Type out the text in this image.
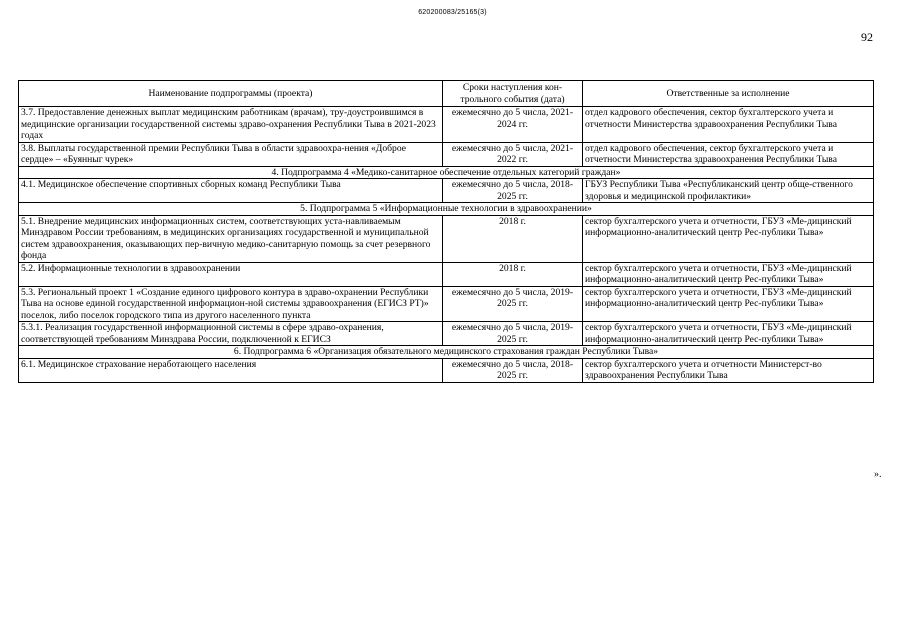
620200083/25165(3)
92
Наименование подпрограммы (проекта)	Сроки наступления кон-трольного события (дата)	Ответственные за исполнение
3.7. Предоставление денежных выплат медицинским работникам (врачам), тру-доустроившимся в медицинские организации государственной системы здраво-охранения Республики Тыва в 2021-2023 годах	ежемесячно до 5 числа, 2021-2024 гг.	отдел кадрового обеспечения, сектор бухгалтерского учета и отчетности Министерства здравоохранения Республики Тыва
3.8. Выплаты государственной премии Республики Тыва в области здравоохра-нения «Доброе сердце» – «Буянныг чурек»	ежемесячно до 5 числа, 2021-2022 гг.	отдел кадрового обеспечения, сектор бухгалтерского учета и отчетности Министерства здравоохранения Республики Тыва
4. Подпрограмма 4 «Медико-санитарное обеспечение отдельных категорий граждан»		
4.1. Медицинское обеспечение спортивных сборных команд Республики Тыва	ежемесячно до 5 числа, 2018-2025 гг.	ГБУЗ Республики Тыва «Республиканский центр обще-ственного здоровья и медицинской профилактики»
5. Подпрограмма 5 «Информационные технологии в здравоохранении»		
5.1. Внедрение медицинских информационных систем, соответствующих уста-навливаемым Минздравом России требованиям, в медицинских организациях государственной и муниципальной систем здравоохранения, оказывающих пер-вичную медико-санитарную помощь за счет резервного фонда	2018 г.	сектор бухгалтерского учета и отчетности, ГБУЗ «Ме-дицинский информационно-аналитический центр Рес-публики Тыва»
5.2. Информационные технологии в здравоохранении	2018 г.	сектор бухгалтерского учета и отчетности, ГБУЗ «Ме-дицинский информационно-аналитический центр Рес-публики Тыва»
5.3. Региональный проект 1 «Создание единого цифрового контура в здраво-охранении Республики Тыва на основе единой государственной информацион-ной системы здравоохранения (ЕГИСЗ РТ)» поселок, либо поселок городского типа из другого населенного пункта	ежемесячно до 5 числа, 2019-2025 гг.	сектор бухгалтерского учета и отчетности, ГБУЗ «Ме-дицинский информационно-аналитический центр Рес-публики Тыва»
5.3.1. Реализация государственной информационной системы в сфере здраво-охранения, соответствующей требованиям Минздрава России, подключенной к ЕГИСЗ	ежемесячно до 5 числа, 2019-2025 гг.	сектор бухгалтерского учета и отчетности, ГБУЗ «Ме-дицинский информационно-аналитический центр Рес-публики Тыва»
6. Подпрограмма 6 «Организация обязательного медицинского страхования граждан Республики Тыва»		
6.1. Медицинское страхование неработающего населения	ежемесячно до 5 числа, 2018-2025 гг.	сектор бухгалтерского учета и отчетности Министерст-во здравоохранения Республики Тыва
».
